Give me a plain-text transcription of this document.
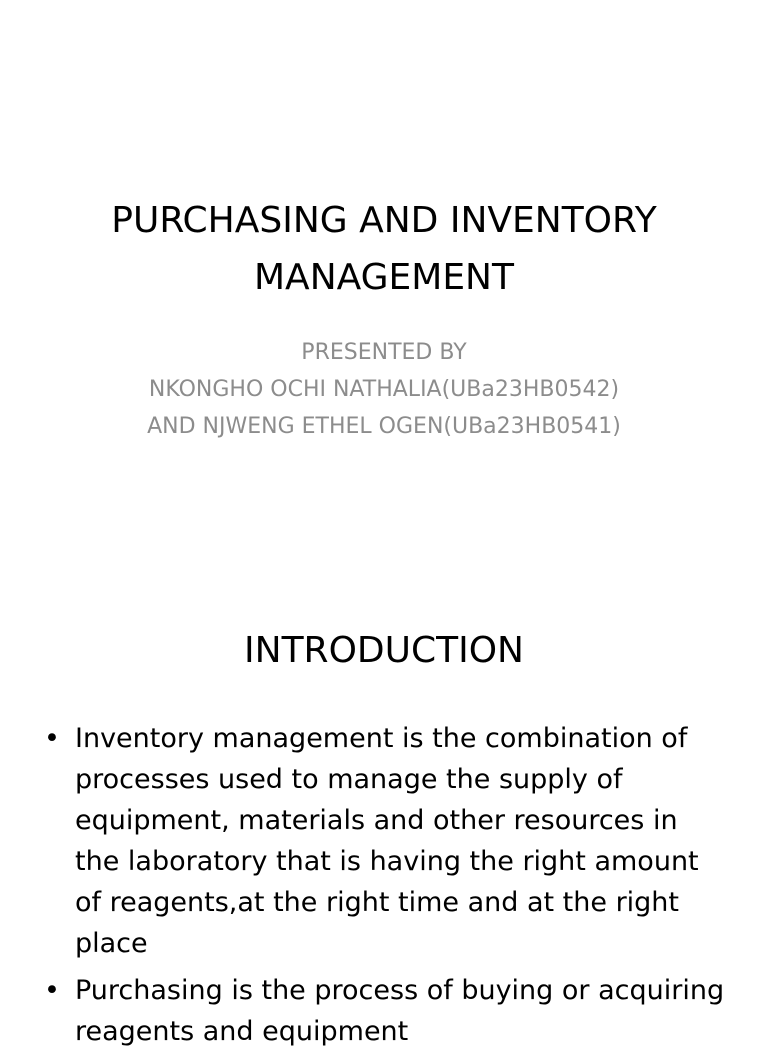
PURCHASING AND INVENTORY
MANAGEMENT
PRESENTED BY
NKONGHO OCHI NATHALIA(UBa23HB0542)
AND NJWENG ETHEL OGEN(UBa23HB0541)
INTRODUCTION
• Inventory management is the combination of processes used to manage the supply of equipment, materials and other resources in the laboratory that is having the right amount of reagents,at the right time and at the right place
• Purchasing is the process of buying or acquiring reagents and equipment
